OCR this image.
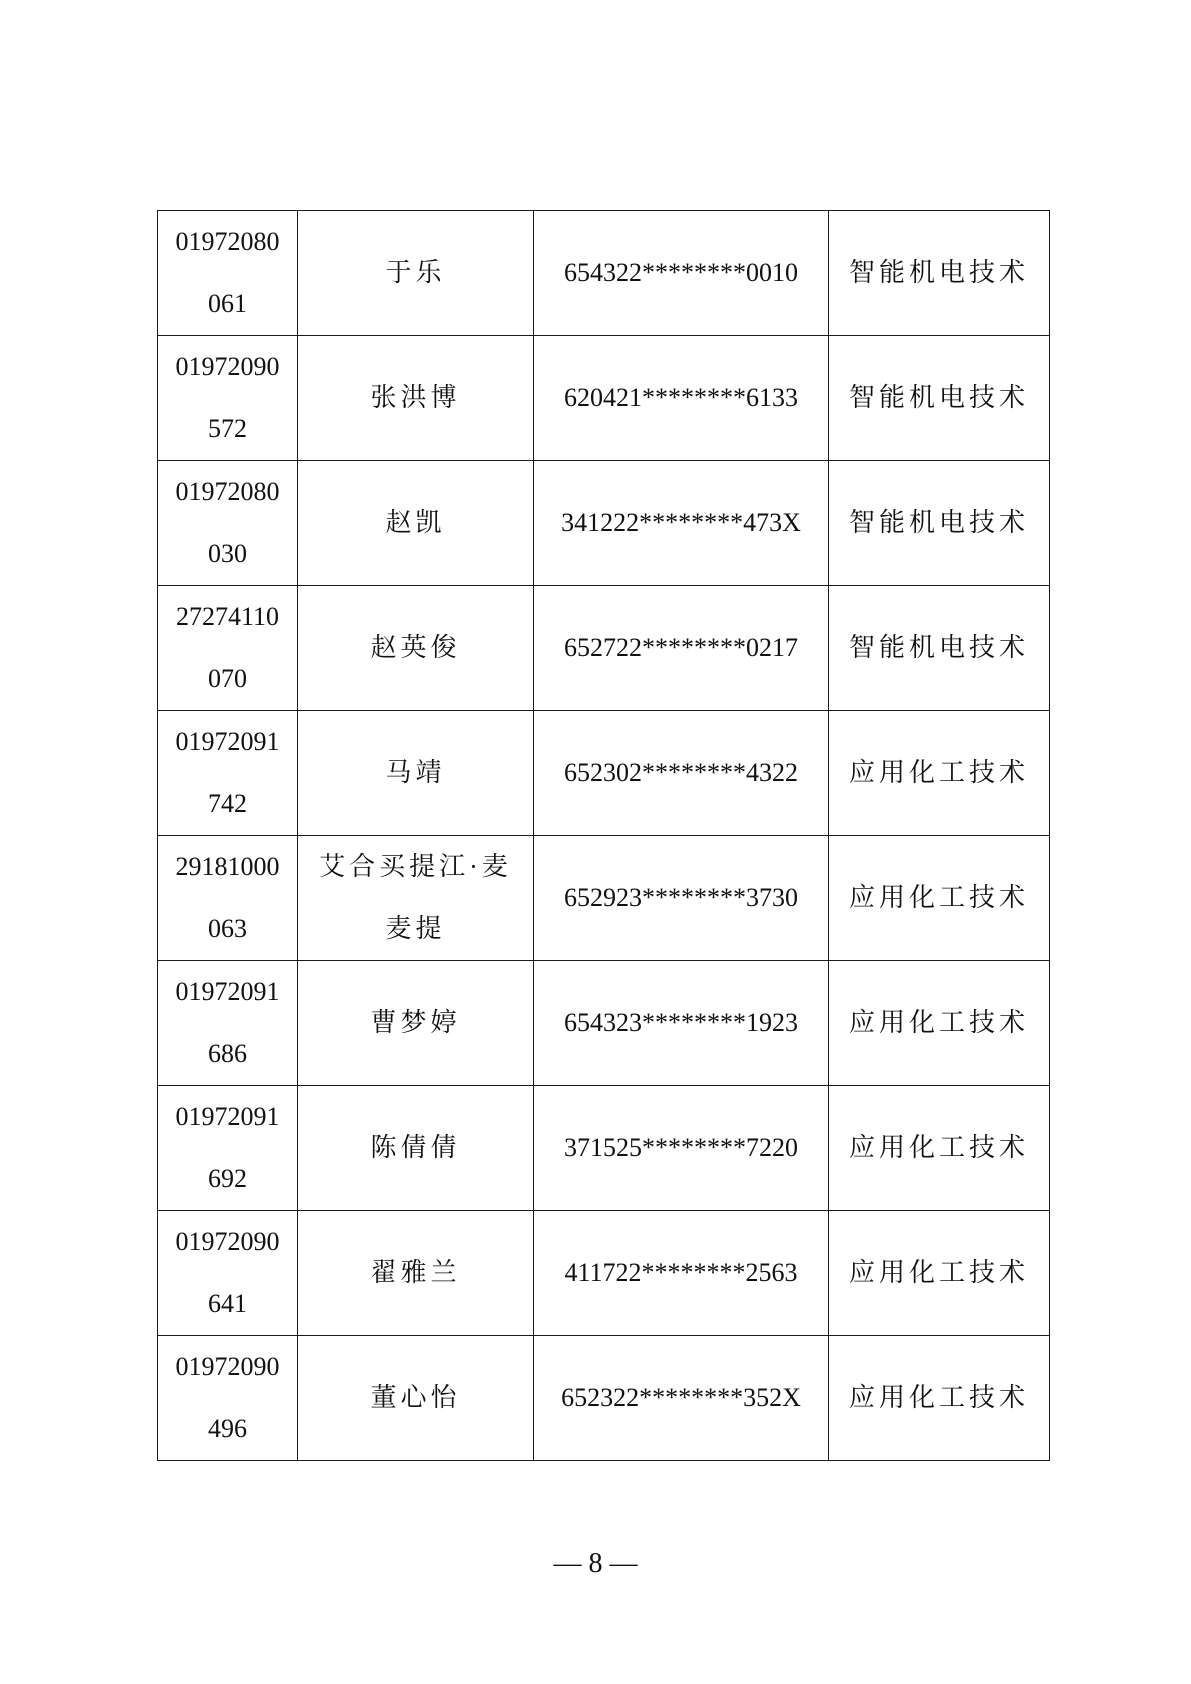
01972080
061	于乐	654322********0010	智能机电技术

01972090
572	张洪博	620421********6133	智能机电技术

01972080
030	赵凯	341222********473X	智能机电技术

27274110
070	赵英俊	652722********0217	智能机电技术

01972091
742	马靖	652302********4322	应用化工技术

29181000
063	艾合买提江·麦麦提	652923********3730	应用化工技术

01972091
686	曹梦婷	654323********1923	应用化工技术

01972091
692	陈倩倩	371525********7220	应用化工技术

01972090
641	翟雅兰	411722********2563	应用化工技术

01972090
496	董心怡	652322********352X	应用化工技术
— 8 —
